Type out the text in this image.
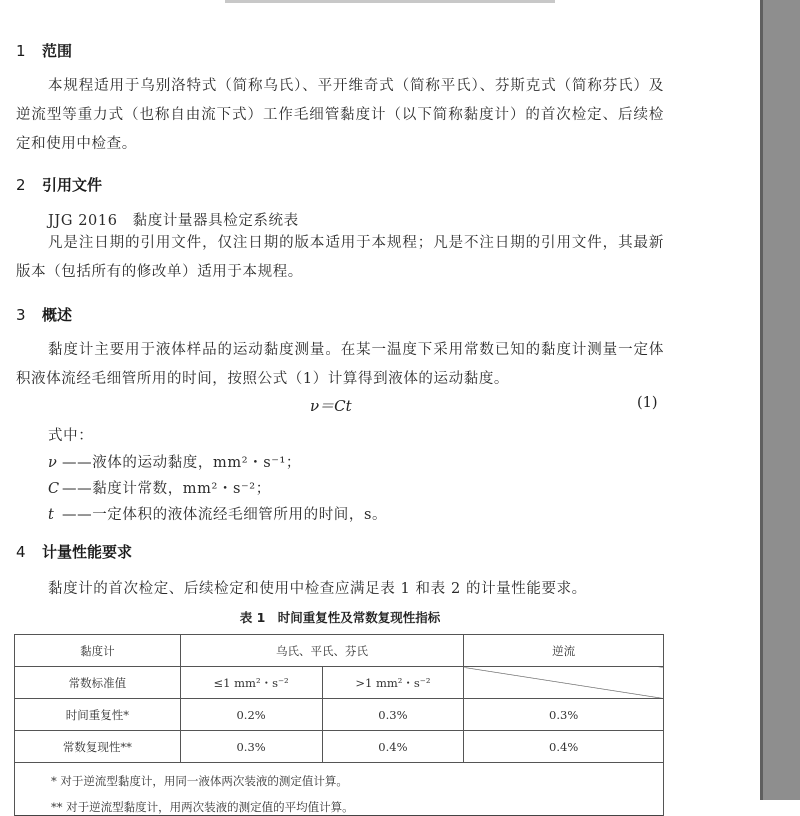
1 范围
本规程适用于乌别洛特式（简称乌氏）、平开维奇式（简称平氏）、芬斯克式（简称芬氏）及逆流型等重力式（也称自由流下式）工作毛细管黏度计（以下简称黏度计）的首次检定、后续检定和使用中检查。
2 引用文件
JJG 2016　黏度计量器具检定系统表
凡是注日期的引用文件，仅注日期的版本适用于本规程；凡是不注日期的引用文件，其最新版本（包括所有的修改单）适用于本规程。
3 概述
黏度计主要用于液体样品的运动黏度测量。在某一温度下采用常数已知的黏度计测量一定体积液体流经毛细管所用的时间，按照公式（1）计算得到液体的运动黏度。
ν＝Ct	(1)
式中：
ν ——液体的运动黏度，mm²・s⁻¹；
C ——黏度计常数，mm²・s⁻²；
t ——一定体积的液体流经毛细管所用的时间，s。
4 计量性能要求
黏度计的首次检定、后续检定和使用中检查应满足表 1 和表 2 的计量性能要求。
表 1　时间重复性及常数复现性指标
黏度计	乌氏、平氏、芬氏		逆流
常数标准值	≤1 mm²・s⁻²	>1 mm²・s⁻²	
时间重复性*	0.2%	0.3%	0.3%
常数复现性**	0.3%	0.4%	0.4%
* 对于逆流型黏度计，用同一液体两次装液的测定值计算。			
** 对于逆流型黏度计，用两次装液的测定值的平均值计算。			
